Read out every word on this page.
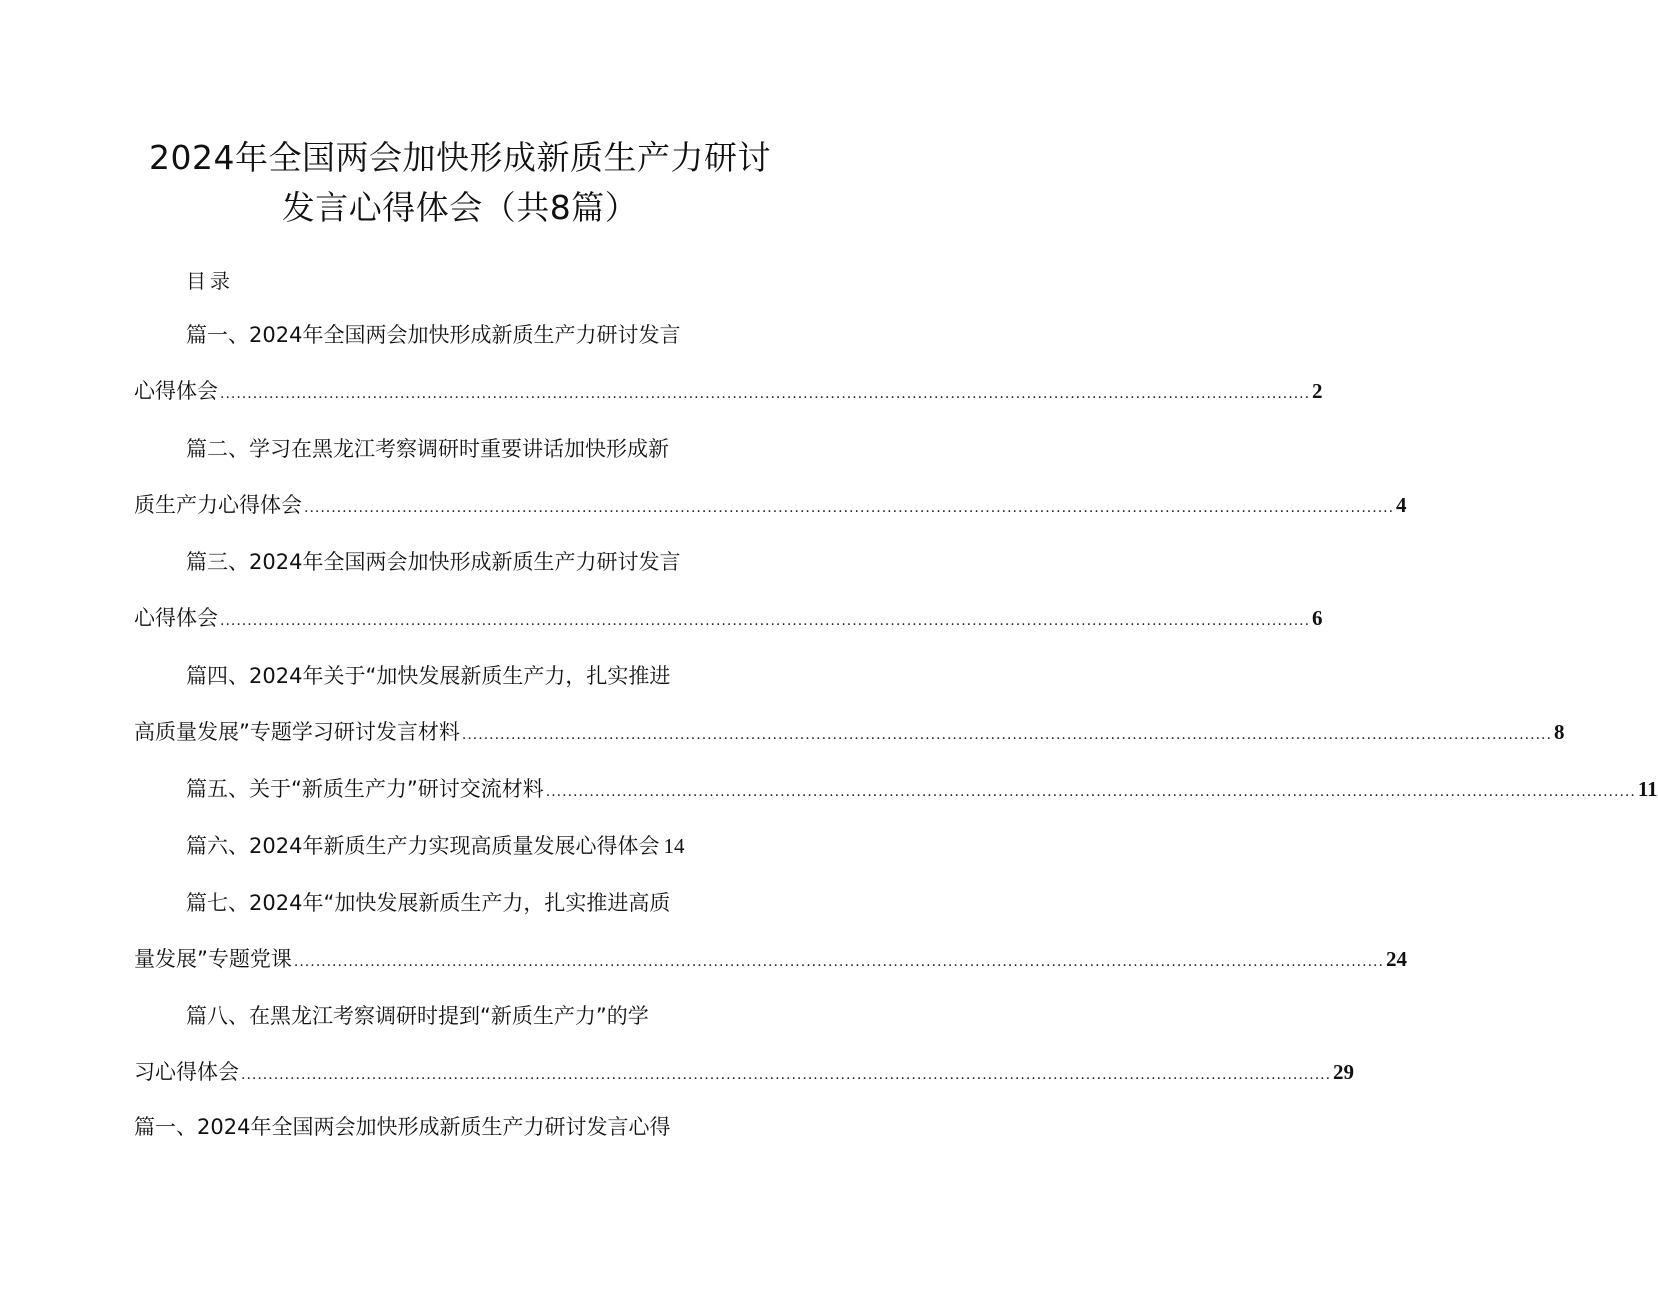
2024年全国两会加快形成新质生产力研讨
发言心得体会（共8篇）
目录
篇一、2024年全国两会加快形成新质生产力研讨发言
心得体会 ........................................................................................................................................................................................................ 2
篇二、学习在黑龙江考察调研时重要讲话加快形成新
质生产力心得体会 ........................................................................................................................................................................................................ 4
篇三、2024年全国两会加快形成新质生产力研讨发言
心得体会 ........................................................................................................................................................................................................ 6
篇四、2024年关于“加快发展新质生产力，扎实推进
高质量发展”专题学习研讨发言材料 ........................................................................................................................................................................................................ 8
篇五、关于“新质生产力”研讨交流材料 ........................................................................................................................................................................................................ 11
篇六、2024年新质生产力实现高质量发展心得体会 14
篇七、2024年“加快发展新质生产力，扎实推进高质
量发展”专题党课 ........................................................................................................................................................................................................ 24
篇八、在黑龙江考察调研时提到“新质生产力”的学
习心得体会 ........................................................................................................................................................................................................ 29
篇一、2024年全国两会加快形成新质生产力研讨发言心得
